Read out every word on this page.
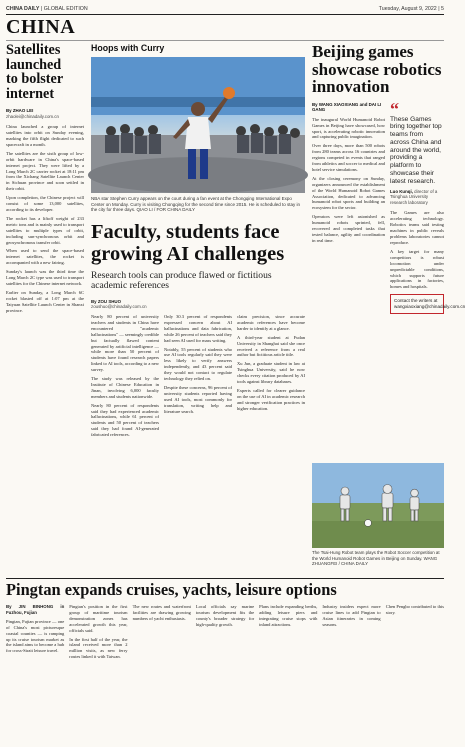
CHINA DAILY | GLOBAL EDITION	Tuesday, August 9, 2022 | 5
CHINA
Satellites
launched
to bolster
internet
By ZHAO LEI
zhaolei@chinadaily.com.cn

China launched a group of internet satellites into orbit on Sunday evening, marking the fifth flight dedicated to such spacecraft in a month.

The satellites are the sixth group of low-orbit hardware in China's space-based internet project. They were lifted by a Long March 2C carrier rocket at 18:11 pm from the Xichang Satellite Launch Center in Sichuan province and soon settled in their orbit.

Upon completion, the Chinese project will consist of some 13,000 satellites, according to its developer.

The rocket has a liftoff weight of 233 metric tons and is mainly used to transport satellites to multiple types of orbit, including sun-synchronous orbit and geosynchronous transfer orbit.

When used to send the space-based internet satellites, the rocket is accompanied with a new fairing.

Sunday's launch was the third time the Long March 2C type was used to transport satellites for the Chinese internet network.

Earlier on Sunday, a Long March 6C rocket blasted off at 1:07 pm at the Taiyuan Satellite Launch Center in Shanxi province.

Hoops with Curry
NBA star Stephen Curry appears on the court during a fan event at the Chongqing International Expo Center on Monday. Curry is visiting Chongqing for the second time since 2015. He is scheduled to stay in the city for three days. QIAO LI / FOR CHINA DAILY
Faculty, students face growing AI challenges
Research tools can produce flawed or fictitious academic references
By ZOU SHUO
zoushuo@chinadaily.com.cn

Nearly 80 percent of university teachers and students in China have encountered "academic hallucinations" — seemingly credible but factually flawed content generated by artificial intelligence — while more than 50 percent of students have found research papers linked to AI tools, according to a new survey.

The study was released by the Institute of Chinese Education in Jinan, involving 6,000 faculty members and students nationwide.

Nearly 80 percent of respondents said they had experienced academic hallucinations, while 61 percent of students and 50 percent of teachers said they had found AI-generated fabricated references.

Only 30.3 percent of respondents expressed concern about AI hallucinations and data fabrication, while 26 percent of teachers said they had seen AI used for mass writing.

Notably, 55 percent of students who use AI tools regularly said they were less likely to verify answers independently, and 43 percent said they would not contact to regulate technology they relied on.

Despite these concerns, 96 percent of university students reported having used AI tools, most commonly for translation, writing help and literature search.

claim precision, since accurate academic references have become harder to identify at a glance.

A third-year student at Fudan University in Shanghai said she once received a reference from a real author but fictitious article title.

Xu Jun, a graduate student in law at Tsinghua University, said he now checks every citation produced by AI tools against library databases.

Experts called for clearer guidance on the use of AI in academic research and stronger verification practices in higher education.

Beijing games showcase robotics innovation
By WANG XIAOXIANG and DAI LI GANG

The inaugural World Humanoid Robot Games in Beijing have showcased, how sport, is accelerating robotic innovation and capturing public imagination.

Over three days, more than 500 robots from 280 teams across 16 countries and regions competed in events that ranged from athletics and soccer to medical and hotel service simulations.

At the closing ceremony on Sunday, organizers announced the establishment of the World Humanoid Robot Games Association, dedicated to advancing humanoid robot sports and building an ecosystem for the sector.

Operators were left astonished as humanoid robots sprinted, fell, recovered and completed tasks that tested balance, agility and coordination in real time.

“
These Games bring together top teams from across China and around the world, providing a platform to showcase their latest research.
Luo Kunqi, director of a Tsinghua University research laboratory

The Games are also accelerating technology. Robotics teams said testing machines in public reveals problems laboratories cannot reproduce.

A key target for many competitors is robust locomotion under unpredictable conditions, which supports future applications in factories, homes and hospitals.

Contact the writers at wangxiaoxiang@chinadaily.com.cn
The Tsai-Hung Robot team plays the Robot Soccer competition at the World Humanoid Robot Games in Beijing on Sunday. WANG ZHUANGFEI / CHINA DAILY
Pingtan expands cruises, yachts, leisure options

By JIN BINHONG in Fuzhou, Fujian

Pingtan, Fujian province — one of China's most picturesque coastal counties — is ramping up its cruise tourism market as the island aims to become a hub for cross-Strait leisure travel.

Pingtan's position in the first group of maritime tourism demonstration zones has accelerated growth this year, officials said.

In the first half of the year, the island received more than 2 million visits, as new ferry routes linked it with Taiwan.

The new routes and waterfront facilities are drawing growing numbers of yacht enthusiasts.

Local officials say marine tourism development fits the county's broader strategy for high-quality growth.

Plans include expanding berths, adding leisure piers and integrating cruise stops with inland attractions.

Industry insiders expect more cruise lines to add Pingtan to Asian itineraries in coming seasons.

Chen Pengbo contributed to this story.
